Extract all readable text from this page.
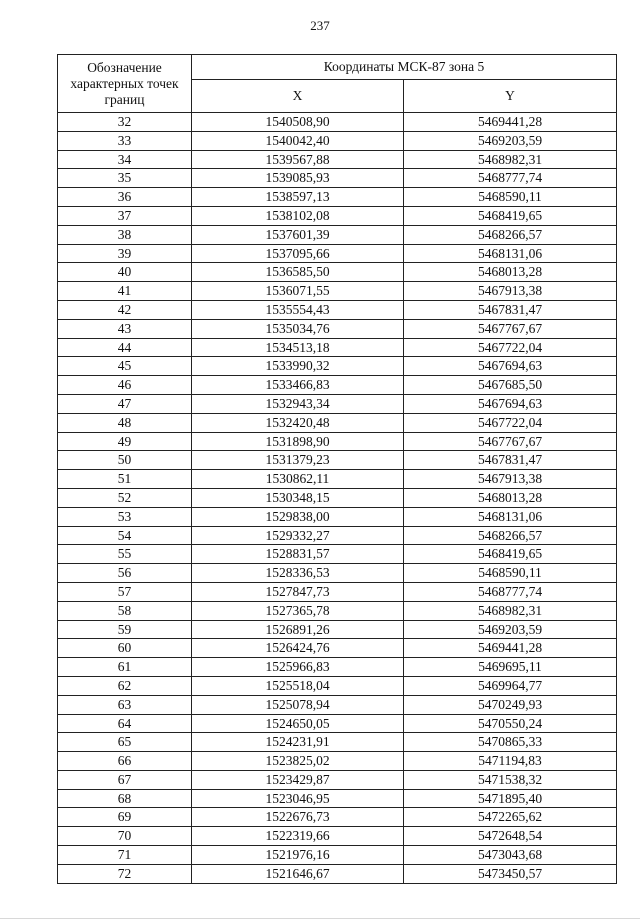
237
Обозначение характерных точек границ	Координаты МСК-87 зона 5	
	X	Y
32	1540508,90	5469441,28
33	1540042,40	5469203,59
34	1539567,88	5468982,31
35	1539085,93	5468777,74
36	1538597,13	5468590,11
37	1538102,08	5468419,65
38	1537601,39	5468266,57
39	1537095,66	5468131,06
40	1536585,50	5468013,28
41	1536071,55	5467913,38
42	1535554,43	5467831,47
43	1535034,76	5467767,67
44	1534513,18	5467722,04
45	1533990,32	5467694,63
46	1533466,83	5467685,50
47	1532943,34	5467694,63
48	1532420,48	5467722,04
49	1531898,90	5467767,67
50	1531379,23	5467831,47
51	1530862,11	5467913,38
52	1530348,15	5468013,28
53	1529838,00	5468131,06
54	1529332,27	5468266,57
55	1528831,57	5468419,65
56	1528336,53	5468590,11
57	1527847,73	5468777,74
58	1527365,78	5468982,31
59	1526891,26	5469203,59
60	1526424,76	5469441,28
61	1525966,83	5469695,11
62	1525518,04	5469964,77
63	1525078,94	5470249,93
64	1524650,05	5470550,24
65	1524231,91	5470865,33
66	1523825,02	5471194,83
67	1523429,87	5471538,32
68	1523046,95	5471895,40
69	1522676,73	5472265,62
70	1522319,66	5472648,54
71	1521976,16	5473043,68
72	1521646,67	5473450,57
